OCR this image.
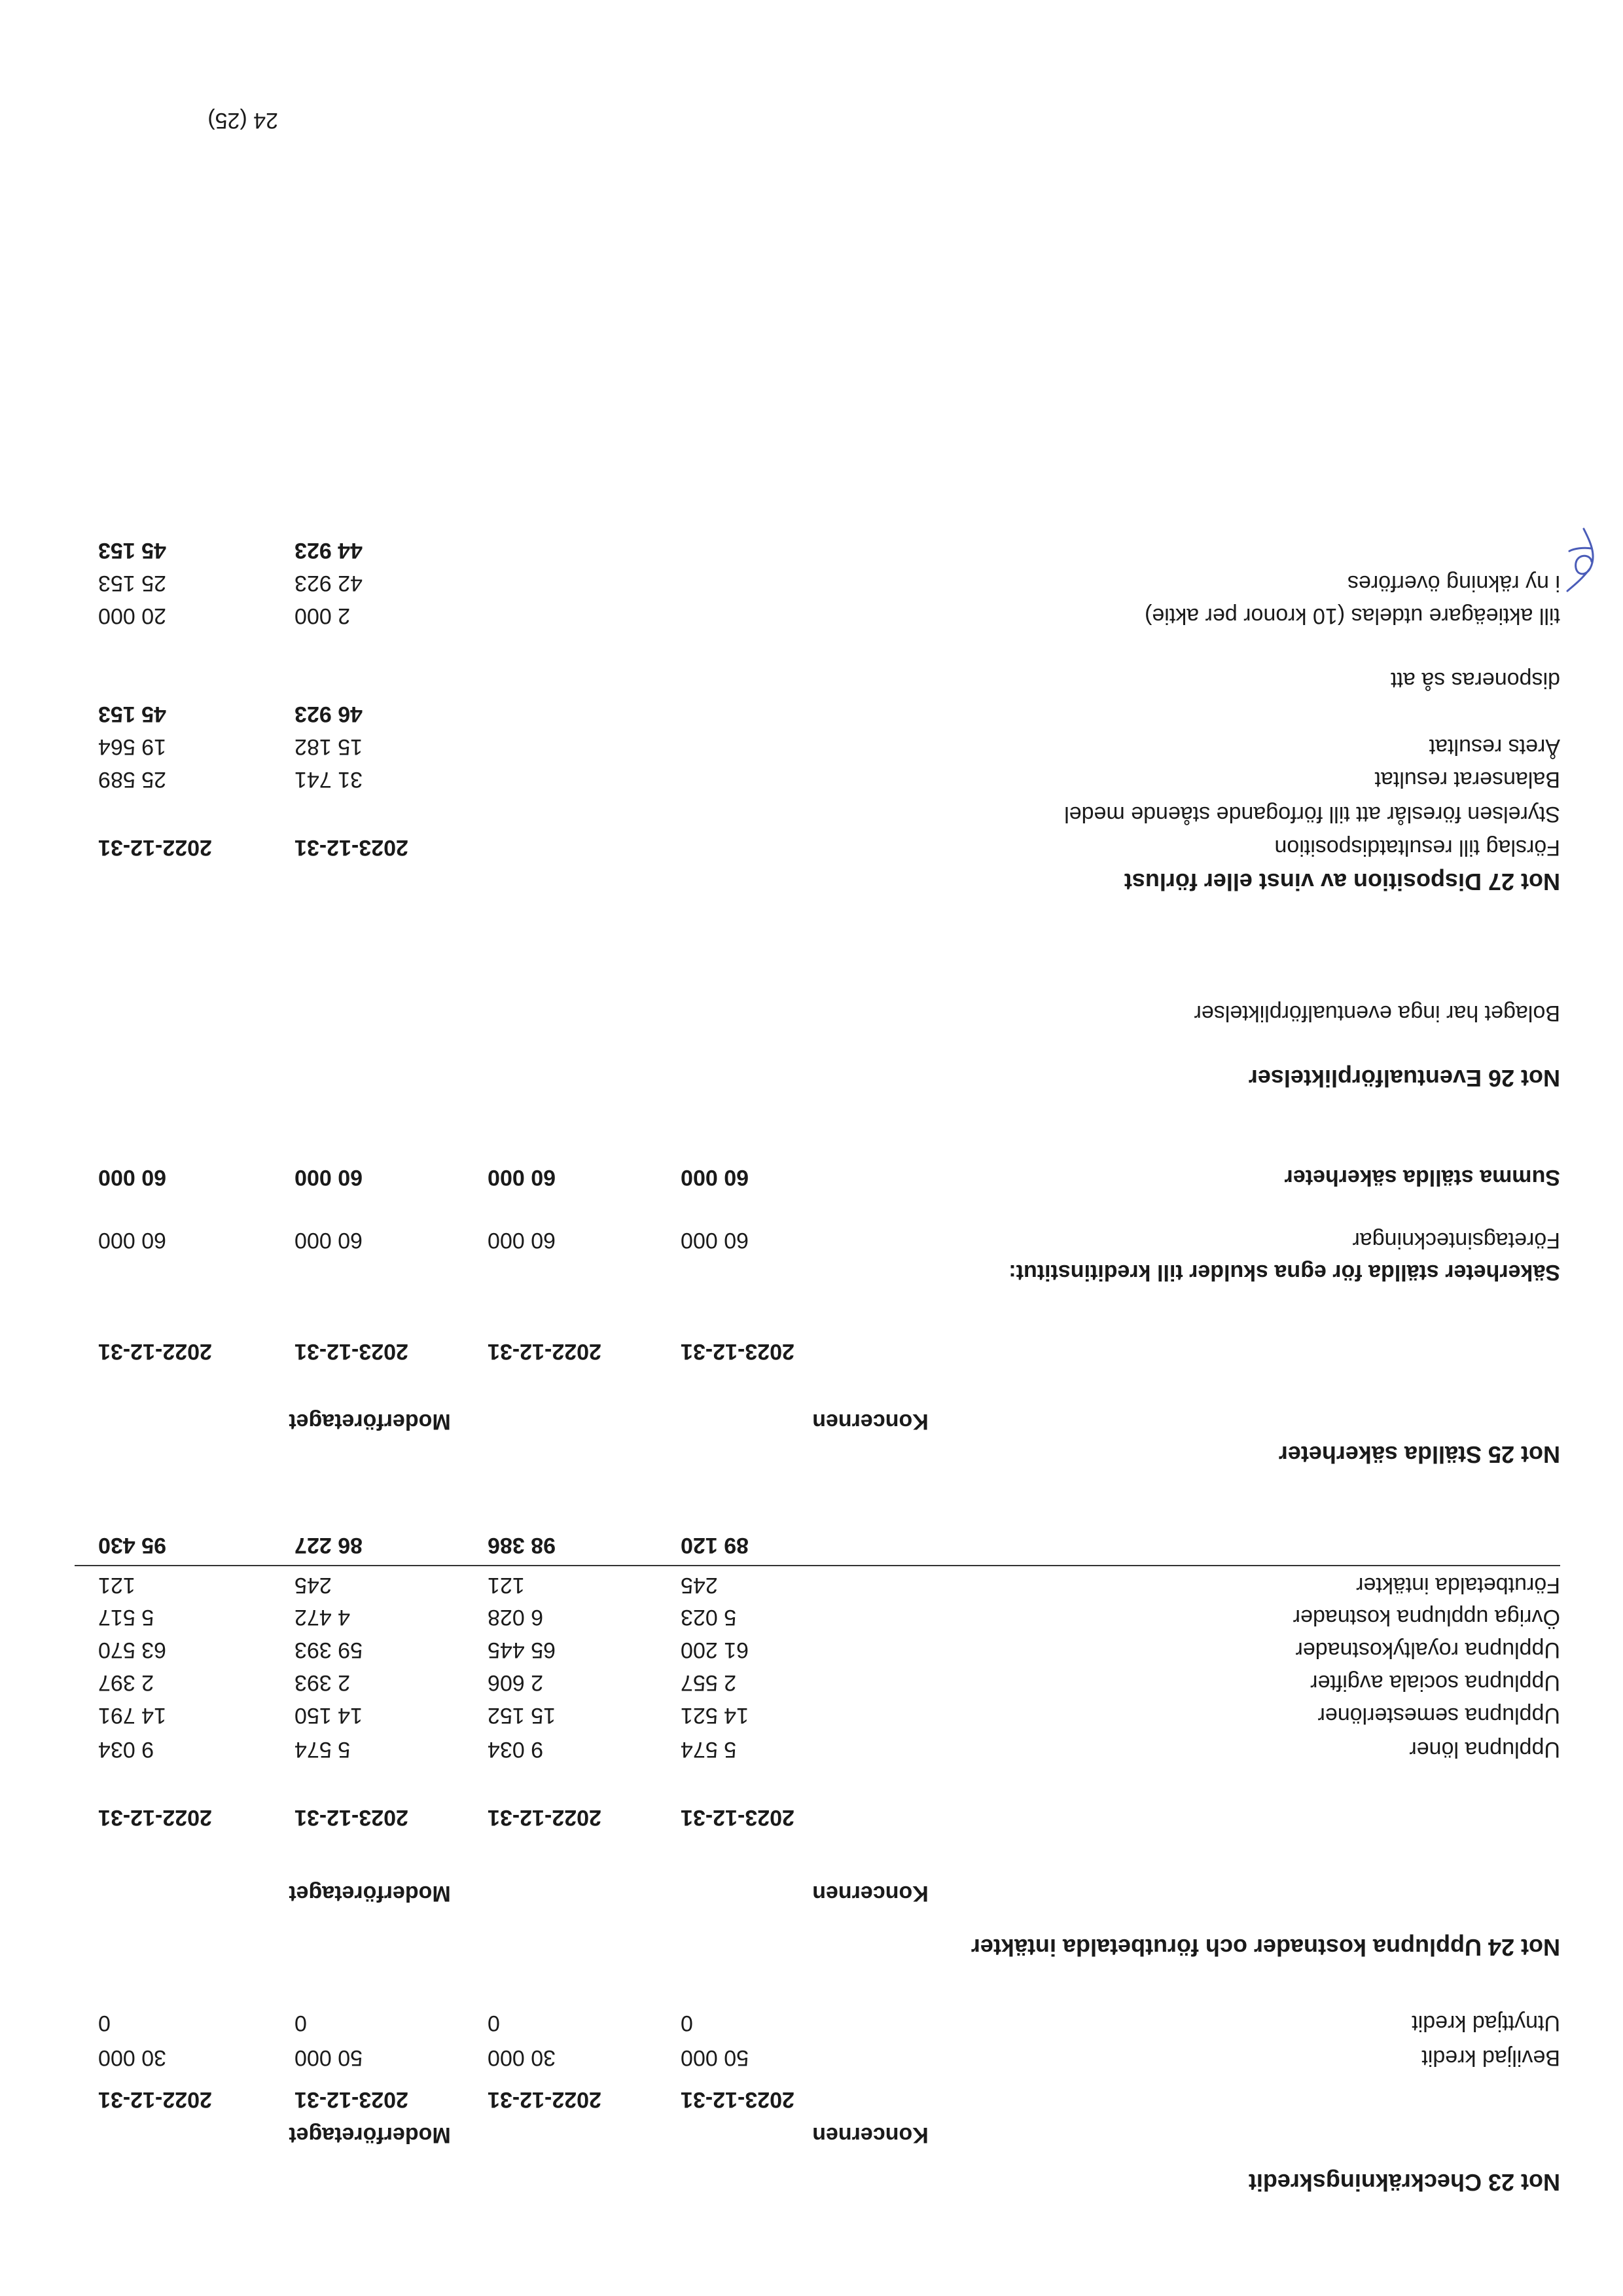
Not 23 Checkräkningskredit
Koncernen
Moderföretaget
2023-12-31
2022-12-31
2023-12-31
2022-12-31
Beviljad kredit
50 000
30 000
50 000
30 000
Utnyttjad kredit
0
0
0
0
Not 24 Upplupna kostnader och förutbetalda intäkter
Koncernen
Moderföretaget
2023-12-31
2022-12-31
2023-12-31
2022-12-31
Upplupna löner
5 574
9 034
5 574
9 034
Upplupna semesterlöner
14 521
15 152
14 150
14 791
Upplupna sociala avgifter
2 557
2 606
2 393
2 397
Upplupna royaltykostnader
61 200
65 445
59 393
63 570
Övriga upplupna kostnader
5 023
6 028
4 472
5 517
Förutbetalda intäkter
245
121
245
121
89 120
98 386
86 227
95 430
Not 25 Ställda säkerheter
Koncernen
Moderföretaget
2023-12-31
2022-12-31
2023-12-31
2022-12-31
Säkerheter ställda för egna skulder till kreditinstitut:
Företagsinteckningar
60 000
60 000
60 000
60 000
Summa ställda säkerheter
60 000
60 000
60 000
60 000
Not 26 Eventualförpliktelser
Bolaget har inga eventualförpliktelser
Not 27 Disposition av vinst eller förlust
2023-12-31
2022-12-31	Förslag till resultatdisposition
Styrelsen föreslår att till förfogande stående medel
Balanserat resultat
31 741
25 589
Årets resultat
15 182
19 564
46 923
45 153
disponeras så att
till aktieägare utdelas (10 kronor per aktie)
2 000
20 000
i ny räkning överföres
42 923
25 153
44 923
45 153
24 (25)
